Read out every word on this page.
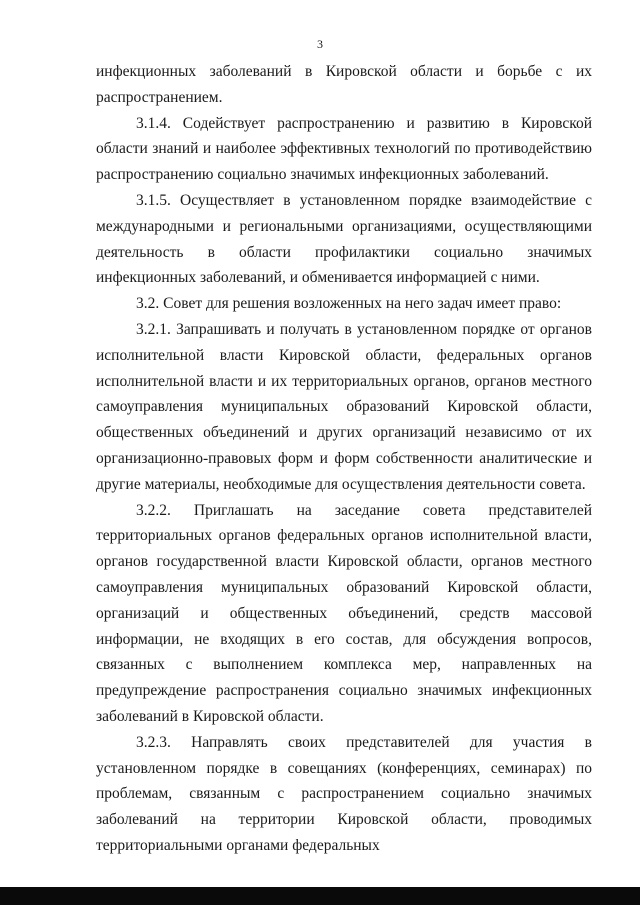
3

инфекционных заболеваний в Кировской области и борьбе с их распространением.

3.1.4. Содействует распространению и развитию в Кировской области знаний и наиболее эффективных технологий по противодействию распространению социально значимых инфекционных заболеваний.

3.1.5. Осуществляет в установленном порядке взаимодействие с международными и региональными организациями, осуществляющими деятельность в области профилактики социально значимых инфекционных заболеваний, и обменивается информацией с ними.

3.2. Совет для решения возложенных на него задач имеет право:

3.2.1. Запрашивать и получать в установленном порядке от органов исполнительной власти Кировской области, федеральных органов исполнительной власти и их территориальных органов, органов местного самоуправления муниципальных образований Кировской области, общественных объединений и других организаций независимо от их организационно-правовых форм и форм собственности аналитические и другие материалы, необходимые для осуществления деятельности совета.

3.2.2. Приглашать на заседание совета представителей территориальных органов федеральных органов исполнительной власти, органов государственной власти Кировской области, органов местного самоуправления муниципальных образований Кировской области, организаций и общественных объединений, средств массовой информации, не входящих в его состав, для обсуждения вопросов, связанных с выполнением комплекса мер, направленных на предупреждение распространения социально значимых инфекционных заболеваний в Кировской области.

3.2.3. Направлять своих представителей для участия в установленном порядке в совещаниях (конференциях, семинарах) по проблемам, связанным с распространением социально значимых заболеваний на территории Кировской области, проводимых территориальными органами федеральных
